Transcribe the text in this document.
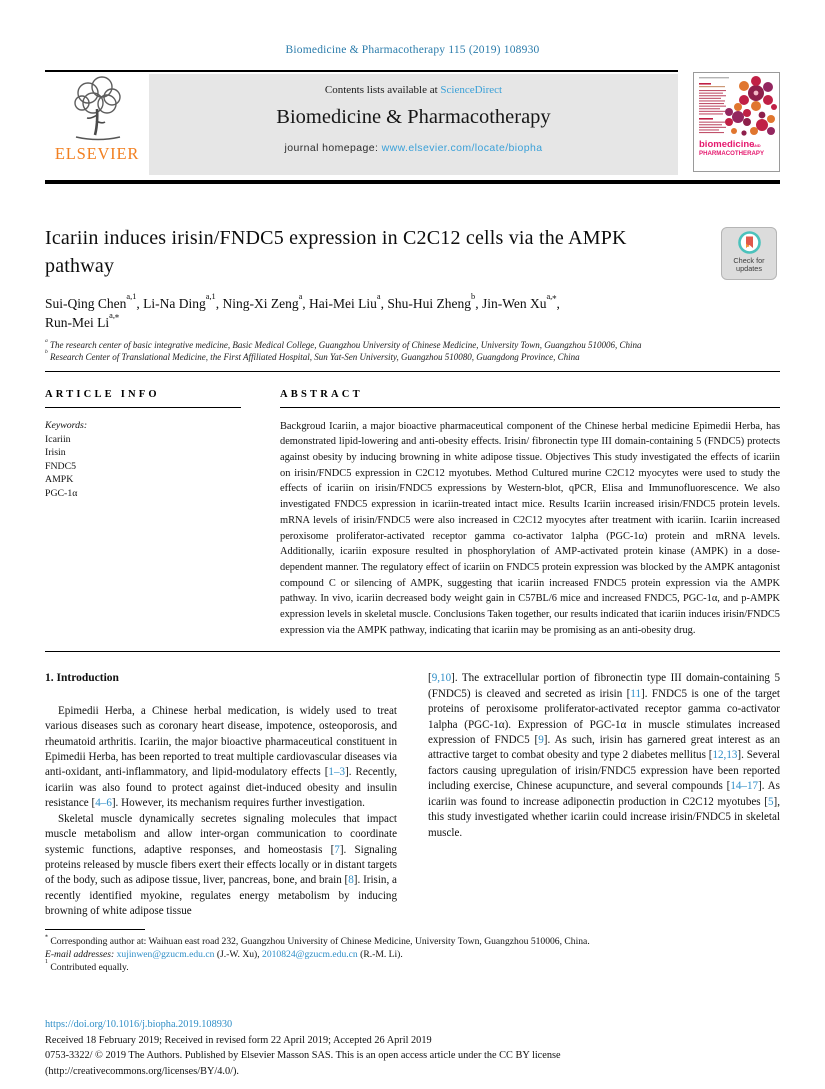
Biomedicine & Pharmacotherapy 115 (2019) 108930
ELSEVIER
Contents lists available at ScienceDirect
Biomedicine & Pharmacotherapy
journal homepage: www.elsevier.com/locate/biopha	biomedicine
AND
PHARMACOTHERAPY
Icariin induces irisin/FNDC5 expression in C2C12 cells via the AMPK pathway	Check for
updates
Sui-Qing Chen$^{a,1}$, Li-Na Ding$^{a,1}$, Ning-Xi Zeng$^a$, Hai-Mei Liu$^a$, Shu-Hui Zheng$^b$, Jin-Wen $Xu^{a,⁎}$,
Run-Mei $Li^{a,⁎}$
$^a$ The research center of basic integrative medicine, Basic Medical College, Guangzhou University of Chinese Medicine, University Town, Guangzhou 510006, China
$^b$ Research Center of Translational Medicine, the First Affiliated Hospital, Sun Yat-Sen University, Guangzhou 510080, Guangdong Province, China
ARTICLE INFO
Keywords:
Icariin
Irisin
FNDC5
AMPK
PGC-1α
ABSTRACT
Backgroud Icariin, a major bioactive pharmaceutical component of the Chinese herbal medicine Epimedii Herba, has demonstrated lipid-lowering and anti-obesity effects. Irisin/ fibronectin type III domain-containing 5 (FNDC5) protects against obesity by inducing browning in white adipose tissue. Objectives This study investigated the effects of icariin on irisin/FNDC5 expression in C2C12 myotubes. Method Cultured murine C2C12 myocytes were used to study the effects of icariin on irisin/FNDC5 expressions by Western-blot, qPCR, Elisa and Immunofluorescence. We also investigated FNDC5 expression in icariin-treated intact mice. Results Icariin increased irisin/FNDC5 protein levels. mRNA levels of irisin/FNDC5 were also increased in C2C12 myocytes after treatment with icariin. Icariin increased peroxisome proliferator-activated receptor gamma co-activator 1alpha (PGC-1α) protein and mRNA levels. Additionally, icariin exposure resulted in phosphorylation of AMP-activated protein kinase (AMPK) in a dose-dependent manner. The regulatory effect of icariin on FNDC5 protein expression was blocked by the AMPK antagonist compound C or silencing of AMPK, suggesting that icariin increased FNDC5 protein expression via the AMPK pathway. In vivo, icariin decreased body weight gain in C57BL/6 mice and increased FNDC5, PGC-1α, and p-AMPK expression levels in skeletal muscle. Conclusions Taken together, our results indicated that icariin induces irisin/FNDC5 expression via the AMPK pathway, indicating that icariin may be promising as an anti-obesity drug.
1. Introduction
Epimedii Herba, a Chinese herbal medication, is widely used to treat various diseases such as coronary heart disease, impotence, osteoporosis, and rheumatoid arthritis. Icariin, the major bioactive pharmaceutical constituent in Epimedii Herba, has been reported to treat multiple cardiovascular diseases via anti-oxidant, anti-inflammatory, and lipid-modulatory effects [1–3]. Recently, icariin was also found to protect against diet-induced obesity and insulin resistance [4–6]. However, its mechanism requires further investigation.
Skeletal muscle dynamically secretes signaling molecules that impact muscle metabolism and allow inter-organ communication to coordinate systemic functions, adaptive responses, and homeostasis [7]. Signaling proteins released by muscle fibers exert their effects locally or in distant targets of the body, such as adipose tissue, liver, pancreas, bone, and brain [8]. Irisin, a recently identified myokine, regulates energy metabolism by inducing browning of white adipose tissue
[9,10]. The extracellular portion of fibronectin type III domain-containing 5 (FNDC5) is cleaved and secreted as irisin [11]. FNDC5 is one of the target proteins of peroxisome proliferator-activated receptor gamma co-activator 1alpha (PGC-1α). Expression of PGC-1α in muscle stimulates increased expression of FNDC5 [9]. As such, irisin has garnered great interest as an attractive target to combat obesity and type 2 diabetes mellitus [12,13]. Several factors causing upregulation of irisin/FNDC5 expression have been reported including exercise, Chinese acupuncture, and several compounds [14–17]. As icariin was found to increase adiponectin production in C2C12 myotubes [5], this study investigated whether icariin could increase irisin/FNDC5 in skeletal muscle.
⁎ Corresponding author at: Waihuan east road 232, Guangzhou University of Chinese Medicine, University Town, Guangzhou 510006, China.
E-mail addresses: xujinwen@gzucm.edu.cn (J.-W. Xu), 2010824@gzucm.edu.cn (R.-M. Li).
$^1$ Contributed equally.
https://doi.org/10.1016/j.biopha.2019.108930
Received 18 February 2019; Received in revised form 22 April 2019; Accepted 26 April 2019
0753-3322/ © 2019 The Authors. Published by Elsevier Masson SAS. This is an open access article under the CC BY license
(http://creativecommons.org/licenses/BY/4.0/).
